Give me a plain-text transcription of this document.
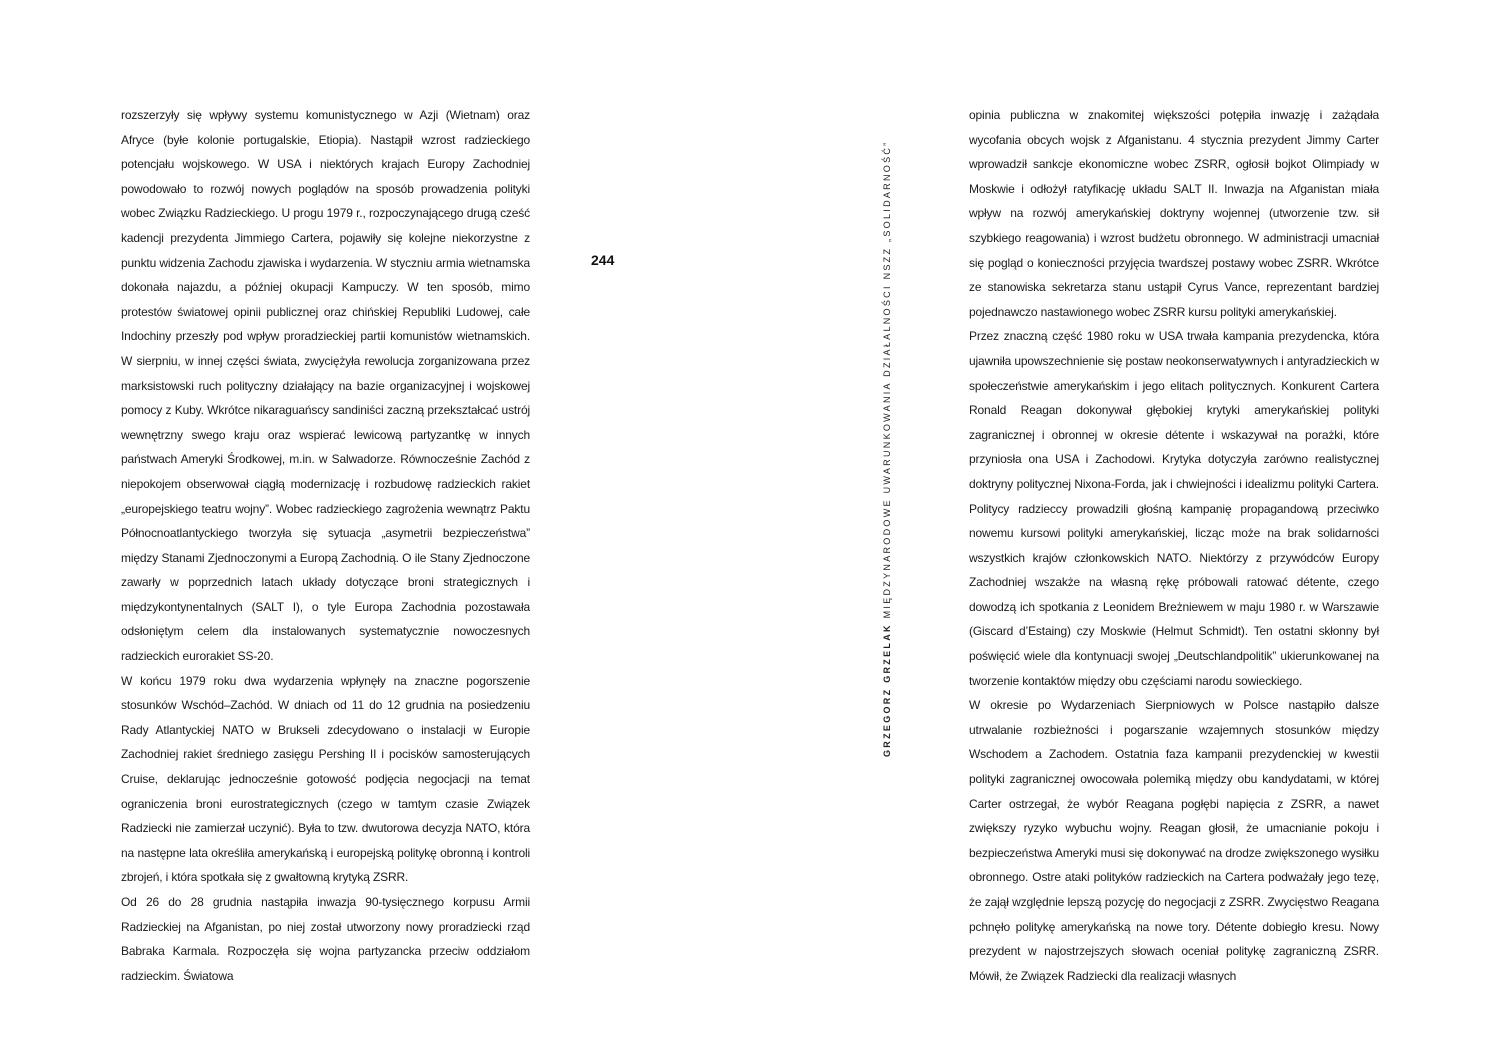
rozszerzyły się wpływy systemu komunistycznego w Azji (Wietnam) oraz Afryce (byłe kolonie portugalskie, Etiopia). Nastąpił wzrost radzieckiego potencjału wojskowego. W USA i niektórych krajach Europy Zachodniej powodowało to rozwój nowych poglądów na sposób prowadzenia polityki wobec Związku Radzieckiego. U progu 1979 r., rozpoczynającego drugą cześć kadencji prezydenta Jimmiego Cartera, pojawiły się kolejne niekorzystne z punktu widzenia Zachodu zjawiska i wydarzenia. W styczniu armia wietnamska dokonała najazdu, a później okupacji Kampuczy. W ten sposób, mimo protestów światowej opinii publicznej oraz chińskiej Republiki Ludowej, całe Indochiny przeszły pod wpływ proradzieckiej partii komunistów wietnamskich. W sierpniu, w innej części świata, zwyciężyła rewolucja zorganizowana przez marksistowski ruch polityczny działający na bazie organizacyjnej i wojskowej pomocy z Kuby. Wkrótce nikaraguańscy sandiniści zaczną przekształcać ustrój wewnętrzny swego kraju oraz wspierać lewicową partyzantkę w innych państwach Ameryki Środkowej, m.in. w Salwadorze. Równocześnie Zachód z niepokojem obserwował ciągłą modernizację i rozbudowę radzieckich rakiet „europejskiego teatru wojny”. Wobec radzieckiego zagrożenia wewnątrz Paktu Północnoatlantyckiego tworzyła się sytuacja „asymetrii bezpieczeństwa” między Stanami Zjednoczonymi a Europą Zachodnią. O ile Stany Zjednoczone zawarły w poprzednich latach układy dotyczące broni strategicznych i międzykontynentalnych (SALT I), o tyle Europa Zachodnia pozostawała odsłoniętym celem dla instalowanych systematycznie nowoczesnych radzieckich eurorakiet SS-20.

W końcu 1979 roku dwa wydarzenia wpłynęły na znaczne pogorszenie stosunków Wschód–Zachód. W dniach od 11 do 12 grudnia na posiedzeniu Rady Atlantyckiej NATO w Brukseli zdecydowano o instalacji w Europie Zachodniej rakiet średniego zasięgu Pershing II i pocisków samosterujących Cruise, deklarując jednocześnie gotowość podjęcia negocjacji na temat ograniczenia broni eurostrategicznych (czego w tamtym czasie Związek Radziecki nie zamierzał uczynić). Była to tzw. dwutorowa decyzja NATO, która na następne lata określiła amerykańską i europejską politykę obronną i kontroli zbrojeń, i która spotkała się z gwałtowną krytyką ZSRR.

Od 26 do 28 grudnia nastąpiła inwazja 90-tysięcznego korpusu Armii Radzieckiej na Afganistan, po niej został utworzony nowy proradziecki rząd Babraka Karmala. Rozpoczęła się wojna partyzancka przeciw oddziałom radzieckim. Światowa

244
GRZEGORZ GRZELAK MIĘDZYNARODOWE UWARUNKOWANIA DZIAŁALNOŚCI NSZZ „SOLIDARNOŚĆ”

opinia publiczna w znakomitej większości potępiła inwazję i zażądała wycofania obcych wojsk z Afganistanu. 4 stycznia prezydent Jimmy Carter wprowadził sankcje ekonomiczne wobec ZSRR, ogłosił bojkot Olimpiady w Moskwie i odłożył ratyfikację układu SALT II. Inwazja na Afganistan miała wpływ na rozwój amerykańskiej doktryny wojennej (utworzenie tzw. sił szybkiego reagowania) i wzrost budżetu obronnego. W administracji umacniał się pogląd o konieczności przyjęcia twardszej postawy wobec ZSRR. Wkrótce ze stanowiska sekretarza stanu ustąpił Cyrus Vance, reprezentant bardziej pojednawczo nastawionego wobec ZSRR kursu polityki amerykańskiej.

Przez znaczną część 1980 roku w USA trwała kampania prezydencka, która ujawniła upowszechnienie się postaw neokonserwatywnych i antyradzieckich w społeczeństwie amerykańskim i jego elitach politycznych. Konkurent Cartera Ronald Reagan dokonywał głębokiej krytyki amerykańskiej polityki zagranicznej i obronnej w okresie détente i wskazywał na porażki, które przyniosła ona USA i Zachodowi. Krytyka dotyczyła zarówno realistycznej doktryny politycznej Nixona-Forda, jak i chwiejności i idealizmu polityki Cartera. Politycy radzieccy prowadzili głośną kampanię propagandową przeciwko nowemu kursowi polityki amerykańskiej, licząc może na brak solidarności wszystkich krajów członkowskich NATO. Niektórzy z przywódców Europy Zachodniej wszakże na własną rękę próbowali ratować détente, czego dowodzą ich spotkania z Leonidem Breżniewem w maju 1980 r. w Warszawie (Giscard d’Estaing) czy Moskwie (Helmut Schmidt). Ten ostatni skłonny był poświęcić wiele dla kontynuacji swojej „Deutschlandpolitik” ukierunkowanej na tworzenie kontaktów między obu częściami narodu sowieckiego.

W okresie po Wydarzeniach Sierpniowych w Polsce nastąpiło dalsze utrwalanie rozbieżności i pogarszanie wzajemnych stosunków między Wschodem a Zachodem. Ostatnia faza kampanii prezydenckiej w kwestii polityki zagranicznej owocowała polemiką między obu kandydatami, w której Carter ostrzegał, że wybór Reagana pogłębi napięcia z ZSRR, a nawet zwiększy ryzyko wybuchu wojny. Reagan głosił, że umacnianie pokoju i bezpieczeństwa Ameryki musi się dokonywać na drodze zwiększonego wysiłku obronnego. Ostre ataki polityków radzieckich na Cartera podważały jego tezę, że zajął względnie lepszą pozycję do negocjacji z ZSRR. Zwycięstwo Reagana pchnęło politykę amerykańską na nowe tory. Détente dobiegło kresu. Nowy prezydent w najostrzejszych słowach oceniał politykę zagraniczną ZSRR. Mówił, że Związek Radziecki dla realizacji własnych
